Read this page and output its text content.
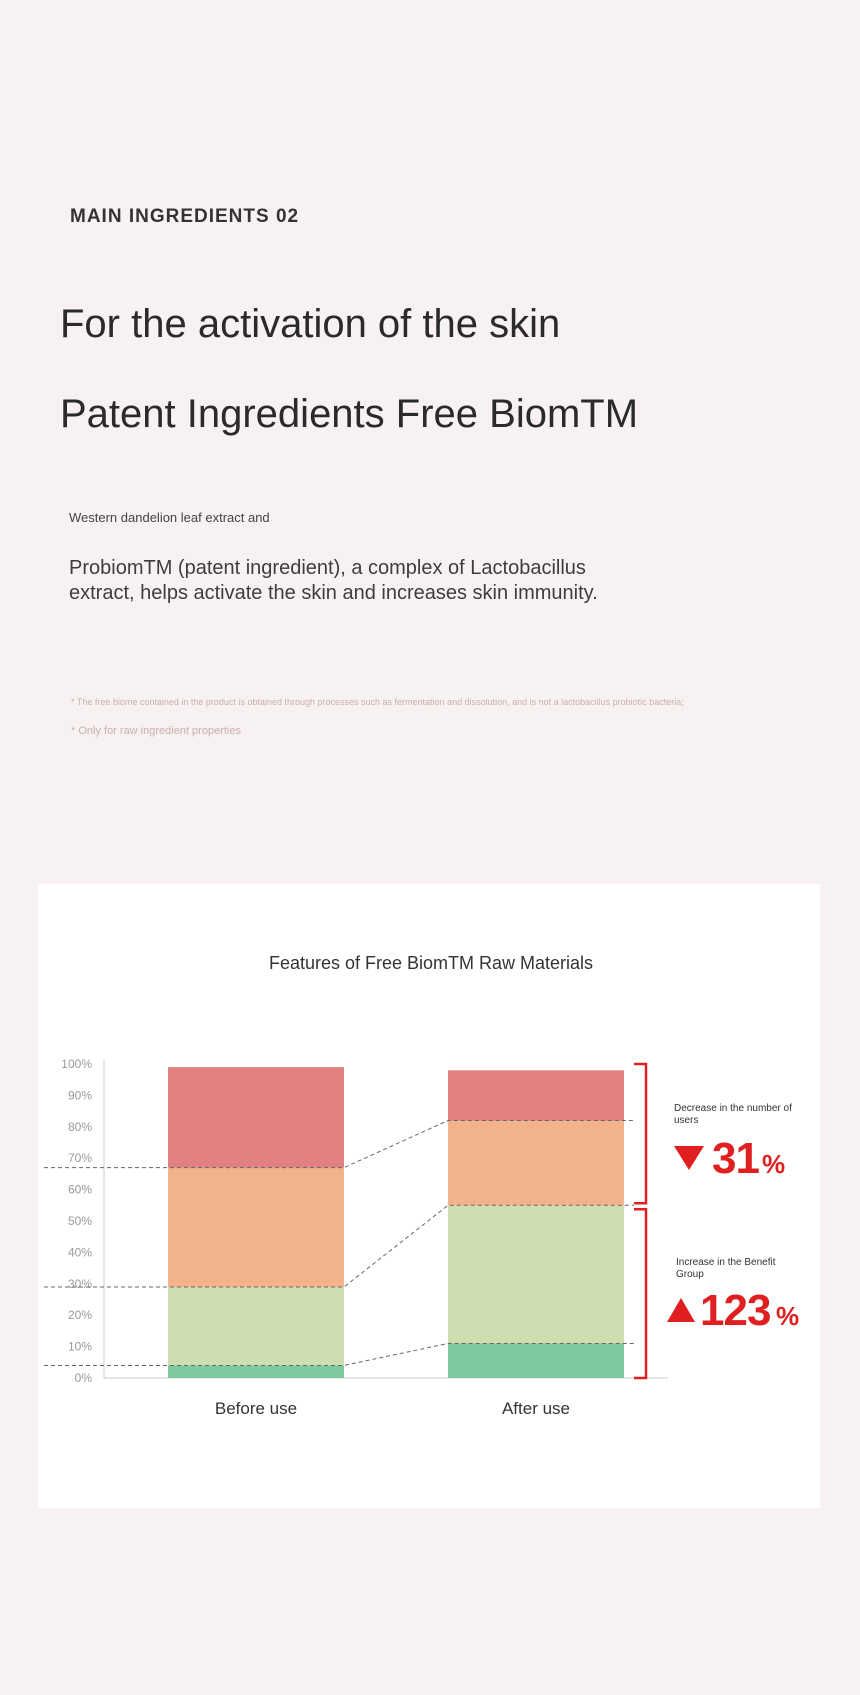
MAIN INGREDIENTS 02
For the activation of the skin
Patent Ingredients Free BiomTM

Western dandelion leaf extract and

ProbiomTM (patent ingredient), a complex of Lactobacillus extract, helps activate the skin and increases skin immunity.

* The free biome contained in the product is obtained through processes such as fermentation and dissolution, and is not a lactobacillus probiotic bacteria;

* Only for raw ingredient properties

Features of Free BiomTM Raw Materials
0%
10%
20%
30%
40%
50%
60%
70%
80%
90%
100%
Before use	After use
Decrease in the number of
users
31 %
Increase in the Benefit
Group
123 %
